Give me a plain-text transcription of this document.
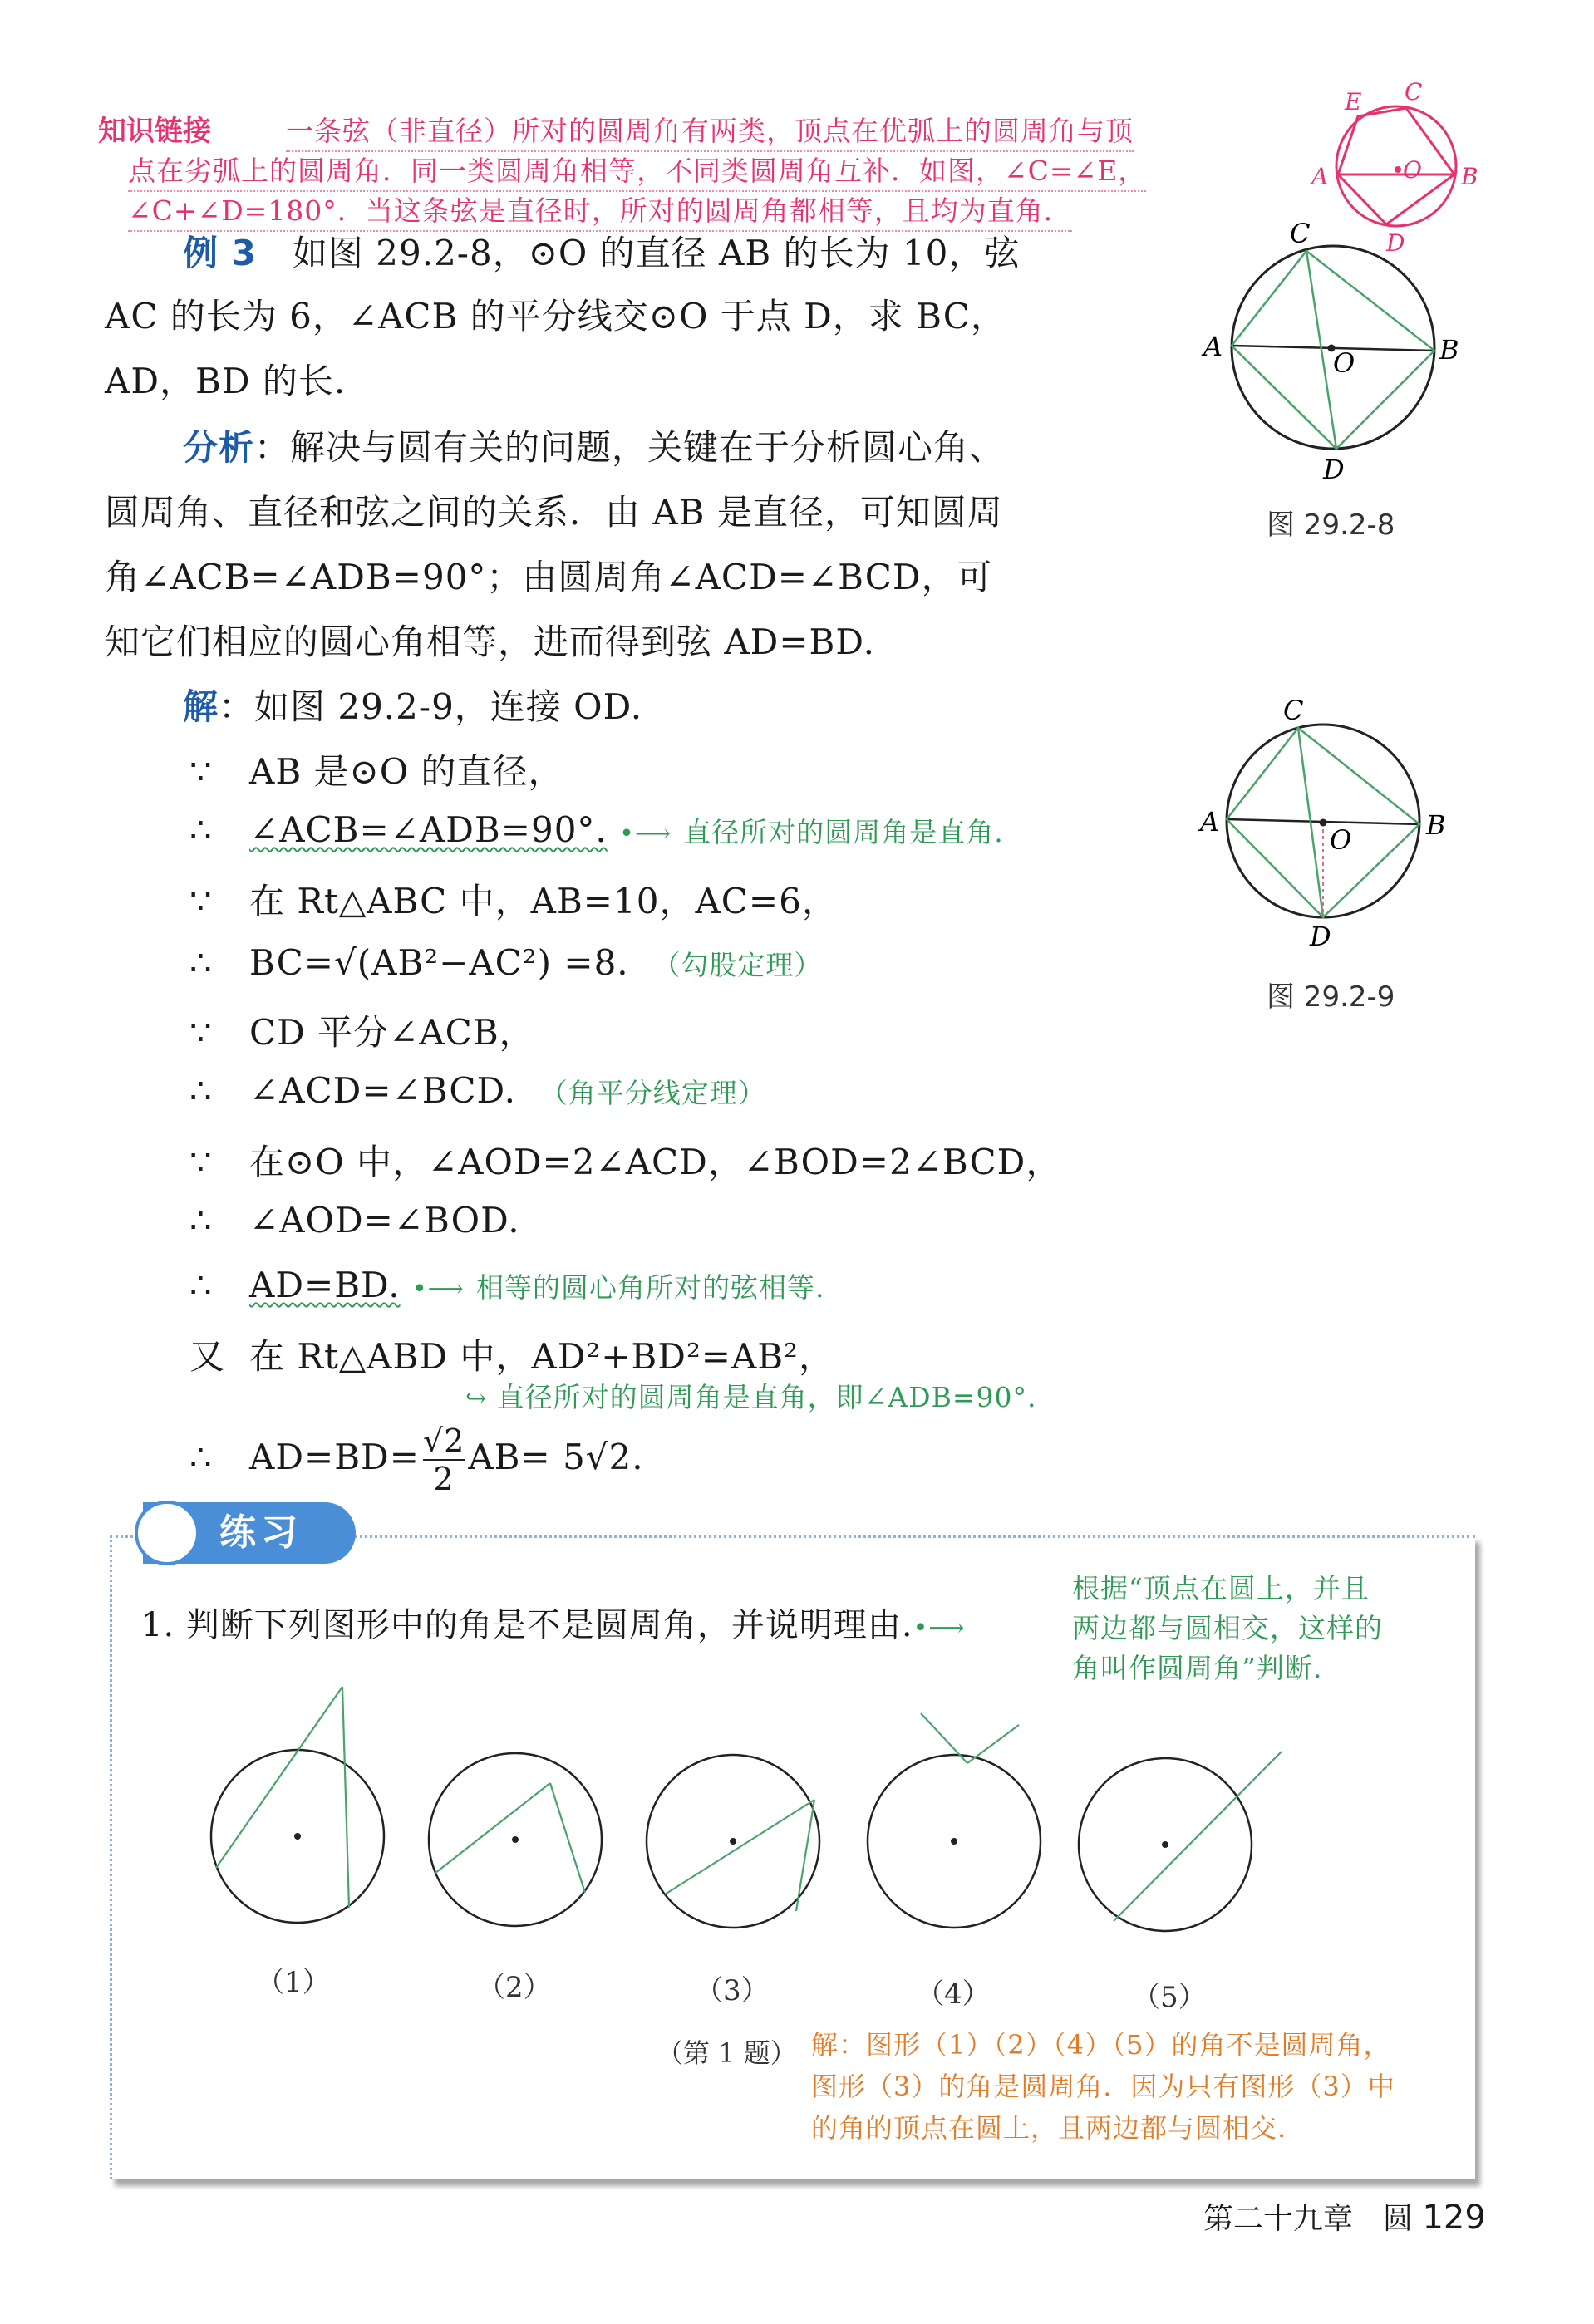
知识链接	一条弦（非直径）所对的圆周角有两类，顶点在优弧上的圆周角与顶
点在劣弧上的圆周角．同一类圆周角相等，不同类圆周角互补．如图，∠C=∠E，
∠C+∠D=180°．当这条弦是直径时，所对的圆周角都相等，且均为直角．
E C
A	O B
D
例 3 如图 29.2-8，⊙O 的直径 AB 的长为 10，弦
AC 的长为 6，∠ACB 的平分线交⊙O 于点 D，求 BC，
AD，BD 的长.
分析：解决与圆有关的问题，关键在于分析圆心角、
圆周角、直径和弦之间的关系．由 AB 是直径，可知圆周
角∠ACB=∠ADB=90°；由圆周角∠ACD=∠BCD，可
知它们相应的圆心角相等，进而得到弦 AD=BD.
C
A
O	B
D
图 29.2-8
解：如图 29.2-9，连接 OD.
∵ AB 是⊙O 的直径，
∴ ∠ACB=∠ADB=90°. •⟶ 直径所对的圆周角是直角.
∵ 在 Rt△ABC 中，AB=10，AC=6，
∴ BC=√(AB²−AC²) =8. （勾股定理）
∵ CD 平分∠ACB，
∴ ∠ACD=∠BCD. （角平分线定理）
∵ 在⊙O 中，∠AOD=2∠ACD，∠BOD=2∠BCD，
∴ ∠AOD=∠BOD.
∴ AD=BD. •⟶ 相等的圆心角所对的弦相等.
又 在 Rt△ABD 中，AD²+BD²=AB²，
↪ 直径所对的圆周角是直角，即∠ADB=90°.
∴ $AD=BD= \frac{√2}{2} AB= 5√2$.
C
A
O	B
D
图 29.2-9
练习
1. 判断下列图形中的角是不是圆周角，并说明理由.•⟶
根据“顶点在圆上，并且
两边都与圆相交，这样的
角叫作圆周角”判断.
（1）	（2）	（3）	（4）	（5）
（第 1 题） 解：图形（1）（2）（4）（5）的角不是圆周角，
图形（3）的角是圆周角．因为只有图形（3）中
的角的顶点在圆上，且两边都与圆相交.
第二十九章　圆 129
